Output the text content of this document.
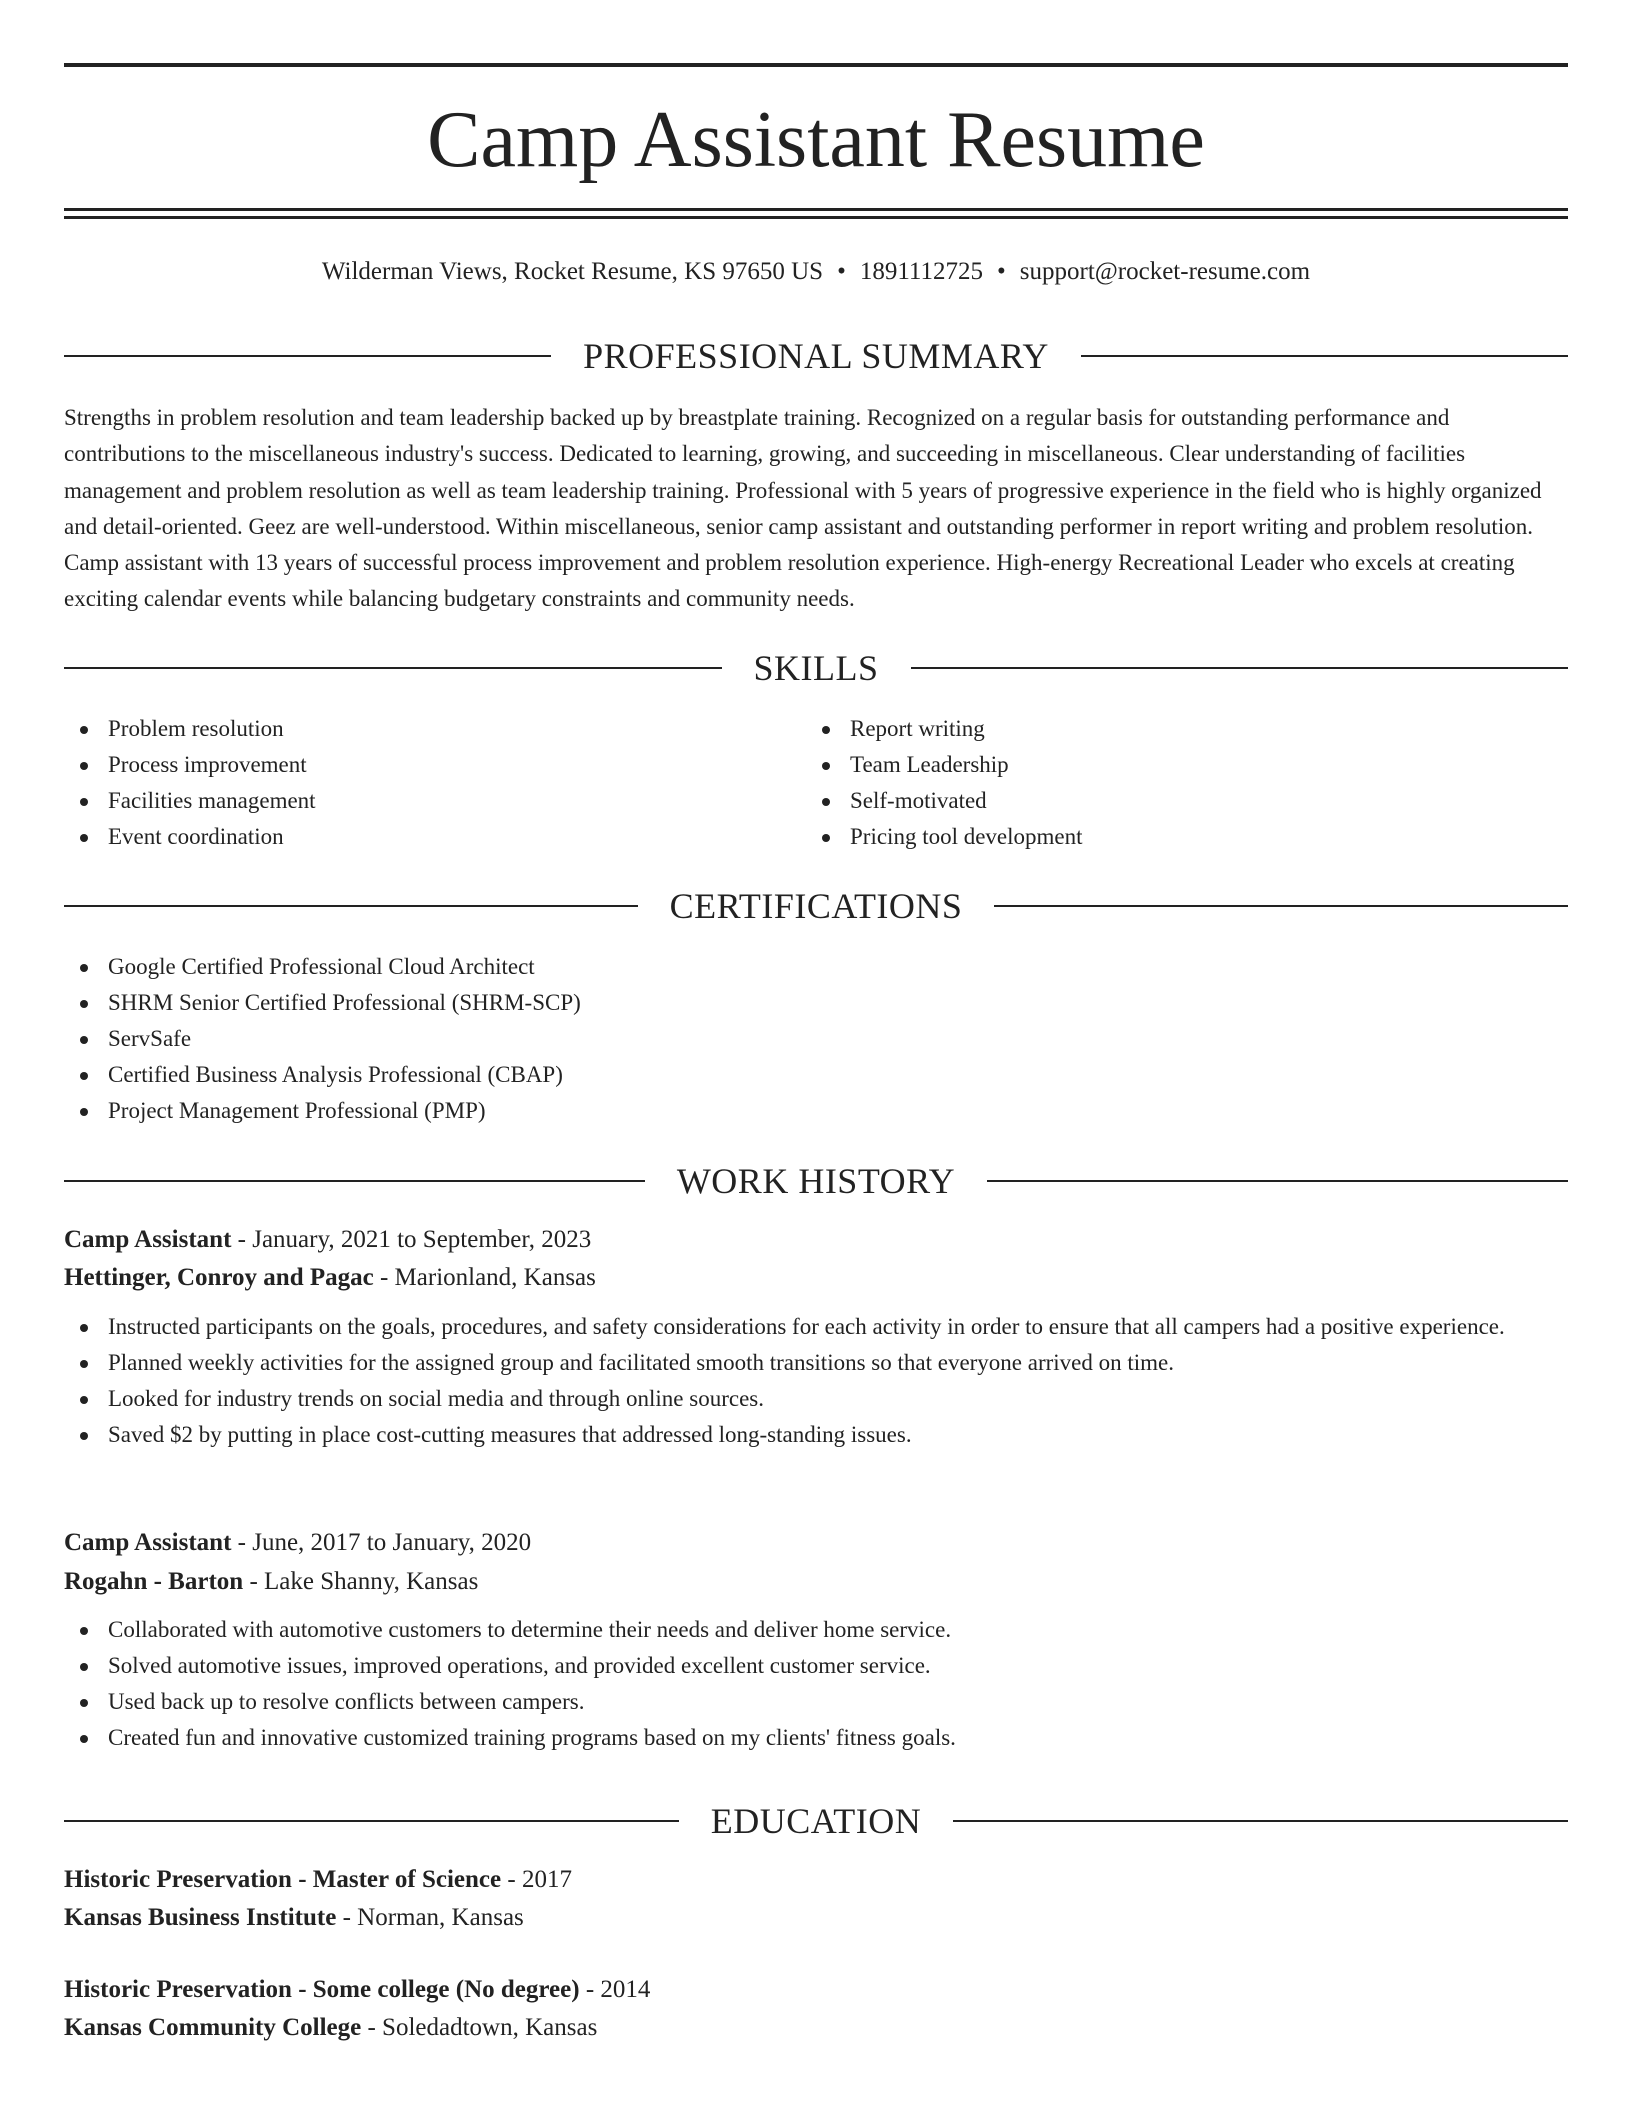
Camp Assistant Resume
Wilderman Views, Rocket Resume, KS 97650 US • 1891112725 • support@rocket-resume.com
PROFESSIONAL SUMMARY

Strengths in problem resolution and team leadership backed up by breastplate training. Recognized on a regular basis for outstanding performance and contributions to the miscellaneous industry's success. Dedicated to learning, growing, and succeeding in miscellaneous. Clear understanding of facilities management and problem resolution as well as team leadership training. Professional with 5 years of progressive experience in the field who is highly organized and detail-oriented. Geez are well-understood. Within miscellaneous, senior camp assistant and outstanding performer in report writing and problem resolution. Camp assistant with 13 years of successful process improvement and problem resolution experience. High-energy Recreational Leader who excels at creating exciting calendar events while balancing budgetary constraints and community needs.

SKILLS
Problem resolution
Process improvement
Facilities management
Event coordination
Report writing
Team Leadership
Self-motivated
Pricing tool development
CERTIFICATIONS
Google Certified Professional Cloud Architect
SHRM Senior Certified Professional (SHRM-SCP)
ServSafe
Certified Business Analysis Professional (CBAP)
Project Management Professional (PMP)
WORK HISTORY
Camp Assistant - January, 2021 to September, 2023
Hettinger, Conroy and Pagac - Marionland, Kansas
Instructed participants on the goals, procedures, and safety considerations for each activity in order to ensure that all campers had a positive experience.
Planned weekly activities for the assigned group and facilitated smooth transitions so that everyone arrived on time.
Looked for industry trends on social media and through online sources.
Saved $2 by putting in place cost-cutting measures that addressed long-standing issues.
Camp Assistant - June, 2017 to January, 2020
Rogahn - Barton - Lake Shanny, Kansas
Collaborated with automotive customers to determine their needs and deliver home service.
Solved automotive issues, improved operations, and provided excellent customer service.
Used back up to resolve conflicts between campers.
Created fun and innovative customized training programs based on my clients' fitness goals.
EDUCATION
Historic Preservation - Master of Science - 2017
Kansas Business Institute - Norman, Kansas
Historic Preservation - Some college (No degree) - 2014
Kansas Community College - Soledadtown, Kansas
